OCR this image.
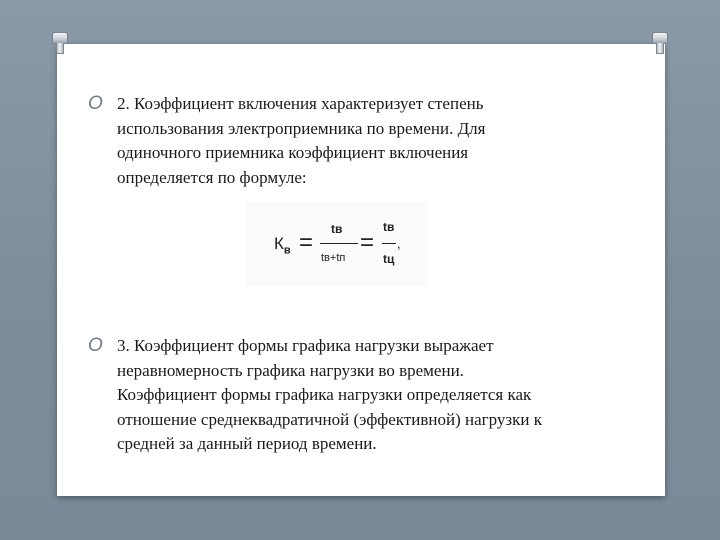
O 2. Коэффициент включения характеризует степень
использования электроприемника по времени. Для
одиночного приемника коэффициент включения
определяется по формуле:
$К_в$ = tв
tв+tп
=
tв
tц
,
O 3. Коэффициент формы графика нагрузки выражает
неравномерность графика нагрузки во времени.
Коэффициент формы графика нагрузки определяется как
отношение среднеквадратичной (эффективной) нагрузки к
средней за данный период времени.
